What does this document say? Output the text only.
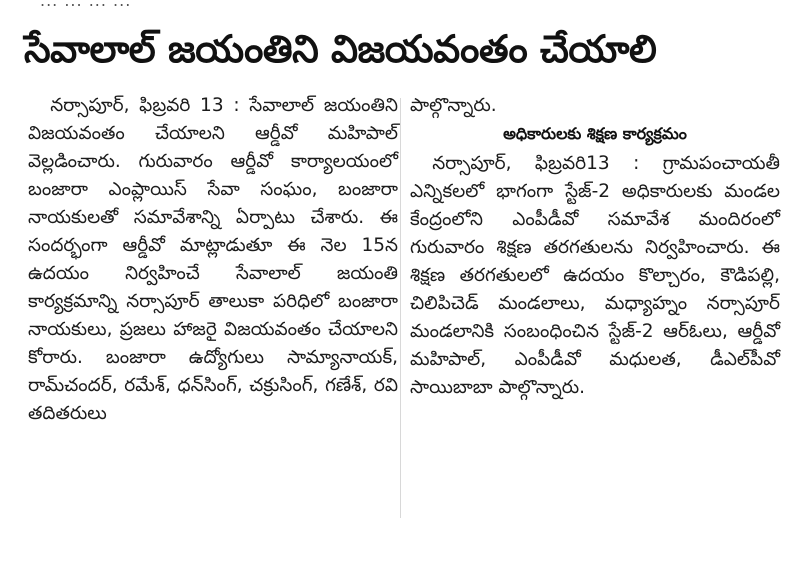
... ... ... ...
సేవాలాల్ జయంతిని విజయవంతం చేయాలి

నర్సాపూర్, ఫిబ్రవరి 13 : సేవాలాల్ జయంతిని విజయవంతం చేయాలని ఆర్డీవో మహిపాల్ వెల్లడించారు. గురువారం ఆర్డీవో కార్యాలయంలో బంజారా ఎంప్లాయిస్ సేవా సంఘం, బంజారా నాయకులతో సమావేశాన్ని ఏర్పాటు చేశారు. ఈ సందర్భంగా ఆర్డీవో మాట్లాడుతూ ఈ నెల 15న ఉదయం నిర్వహించే సేవాలాల్ జయంతి కార్యక్రమాన్ని నర్సాపూర్ తాలుకా పరిధిలో బంజారా నాయకులు, ప్రజలు హాజరై విజయవంతం చేయాలని కోరారు. బంజారా ఉద్యోగులు సామ్యానాయక్, రామ్‌చందర్, రమేశ్, ధన్‌సింగ్, చక్రుసింగ్, గణేశ్, రవి తదితరులు

పాల్గొన్నారు.

అధికారులకు శిక్షణ కార్యక్రమం

నర్సాపూర్, ఫిబ్రవరి13 : గ్రామపంచాయతీ ఎన్నికలలో భాగంగా స్టేజ్-2 అధికారులకు మండల కేంద్రంలోని ఎంపీడీవో సమావేశ మందిరంలో గురువారం శిక్షణ తరగతులను నిర్వహించారు. ఈ శిక్షణ తరగతులలో ఉదయం కొల్చారం, కౌడిపల్లి, చిలిపిచెడ్ మండలాలు, మధ్యాహ్నం నర్సాపూర్ మండలానికి సంబంధించిన స్టేజ్-2 ఆర్‌ఓలు, ఆర్డీవో మహిపాల్, ఎంపీడీవో మధులత, డీఎల్‌పీవో సాయిబాబా పాల్గొన్నారు.
